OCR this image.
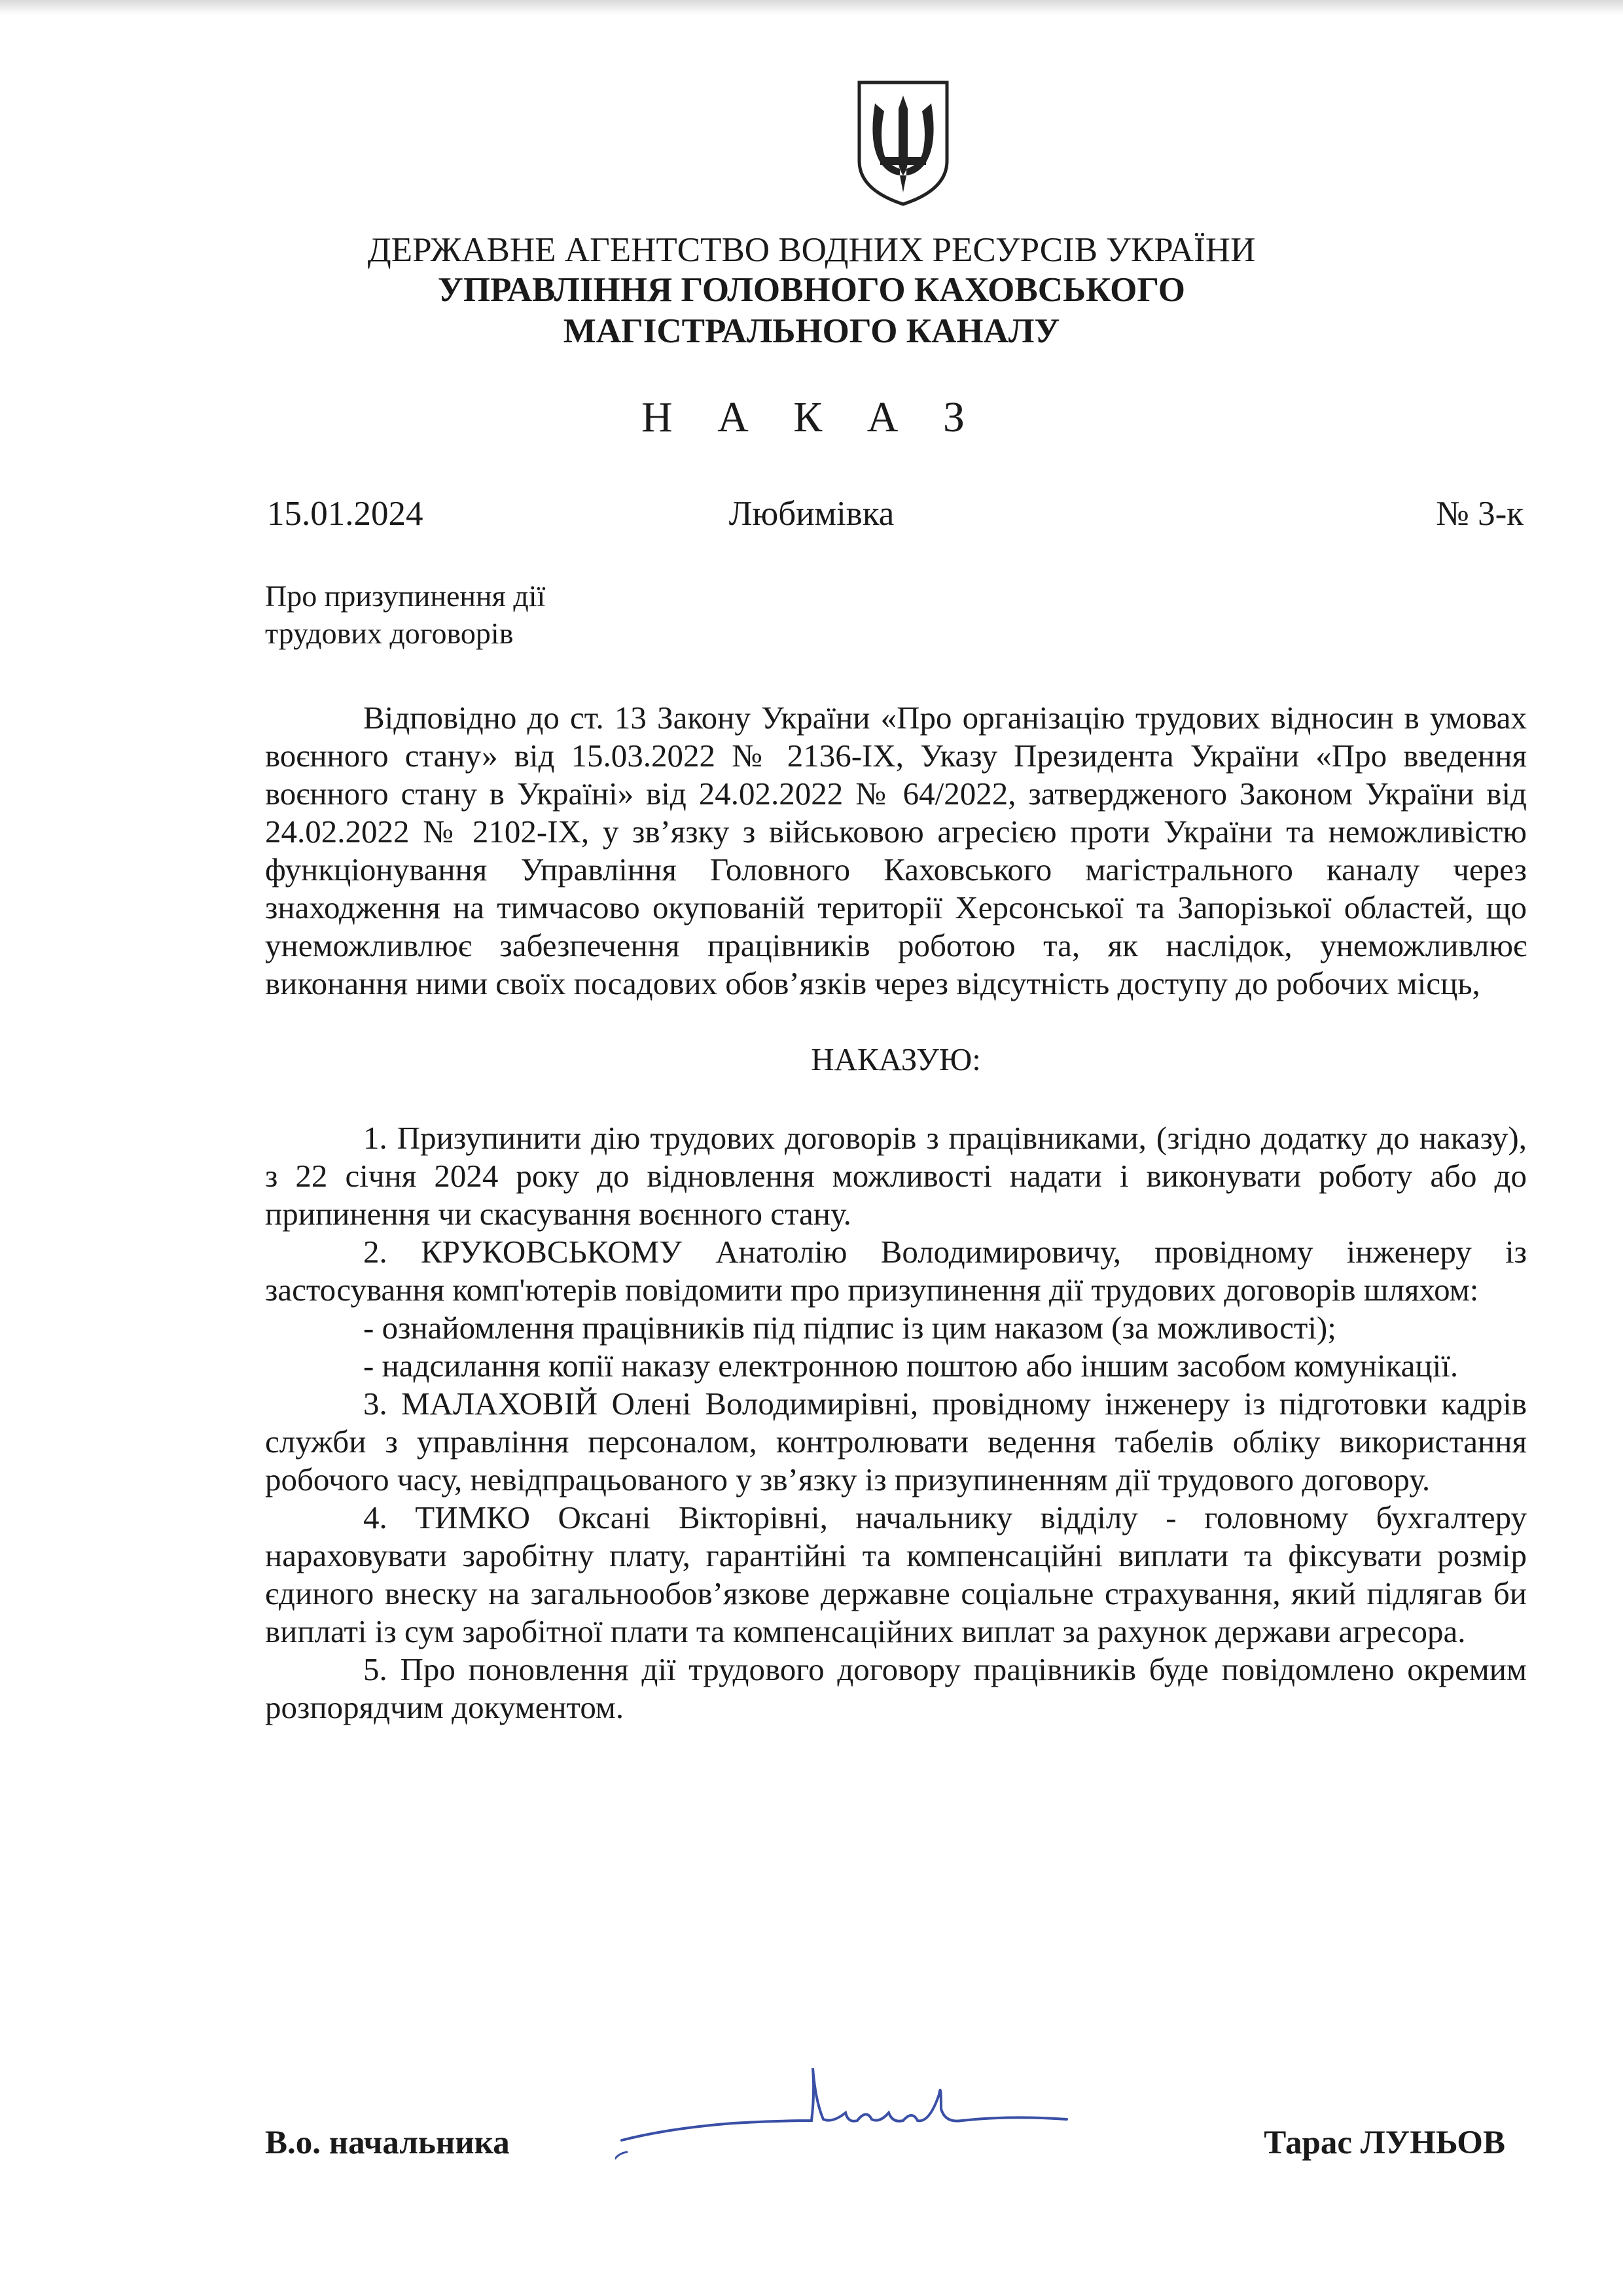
ДЕРЖАВНЕ АГЕНТСТВО ВОДНИХ РЕСУРСІВ УКРАЇНИ
УПРАВЛІННЯ ГОЛОВНОГО КАХОВСЬКОГО МАГІСТРАЛЬНОГО КАНАЛУ
Н А К А З
15.01.2024	Любимівка	№ 3-к
Про призупинення дії
трудових договорів

Відповідно до ст. 13 Закону України «Про організацію трудових відносин в умовах воєнного стану» від 15.03.2022 № 2136-IX, Указу Президента України «Про введення воєнного стану в Україні» від 24.02.2022 № 64/2022, затвердженого Законом України від 24.02.2022 № 2102-IX, у зв’язку з військовою агресією проти України та неможливістю функціонування Управління Головного Каховського магістрального каналу через знаходження на тимчасово окупованій території Херсонської та Запорізької областей, що унеможливлює забезпечення працівників роботою та, як наслідок, унеможливлює виконання ними своїх посадових обов’язків через відсутність доступу до робочих місць,

НАКАЗУЮ:

1. Призупинити дію трудових договорів з працівниками, (згідно додатку до наказу), з 22 січня 2024 року до відновлення можливості надати і виконувати роботу або до припинення чи скасування воєнного стану.

2. КРУКОВСЬКОМУ Анатолію Володимировичу, провідному інженеру із застосування комп'ютерів повідомити про призупинення дії трудових договорів шляхом:

- ознайомлення працівників під підпис із цим наказом (за можливості);

- надсилання копії наказу електронною поштою або іншим засобом комунікації.

3. МАЛАХОВІЙ Олені Володимирівні, провідному інженеру із підготовки кадрів служби з управління персоналом, контролювати ведення табелів обліку використання робочого часу, невідпрацьованого у зв’язку із призупиненням дії трудового договору.

4. ТИМКО Оксані Вікторівні, начальнику відділу - головному бухгалтеру нараховувати заробітну плату, гарантійні та компенсаційні виплати та фіксувати розмір єдиного внеску на загальнообов’язкове державне соціальне страхування, який підлягав би виплаті із сум заробітної плати та компенсаційних виплат за рахунок держави агресора.

5. Про поновлення дії трудового договору працівників буде повідомлено окремим розпорядчим документом.

В.о. начальника	Тарас ЛУНЬОВ
